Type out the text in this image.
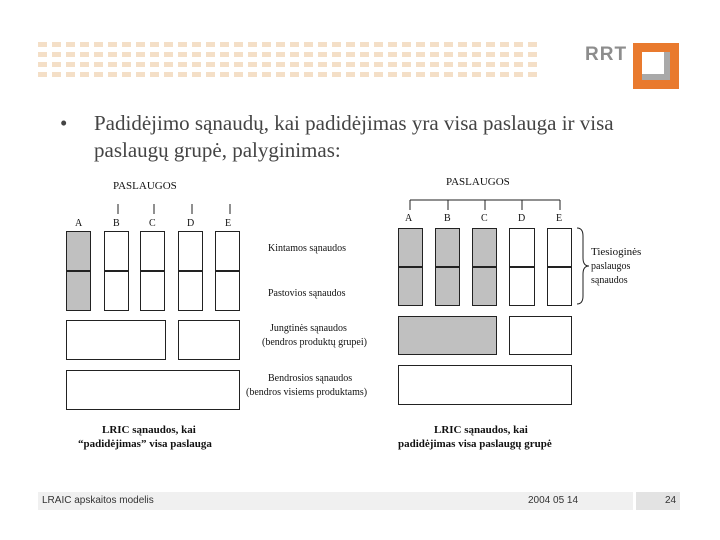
RRT
• Padidėjimo sąnaudų, kai padidėjimas yra visa paslauga ir visa paslaugų grupė, palyginimas:
PASLAUGOS	PASLAUGOS
A	B	C	D	E	A	B	C	D	E
Kintamos sąnaudos
Pastovios sąnaudos
Jungtinės sąnaudos
(bendros produktų grupei)
Bendrosios sąnaudos
(bendros visiems produktams)
Tiesioginės
paslaugos
sąnaudos
LRIC sąnaudos, kai
“padidėjimas” visa paslauga
LRIC sąnaudos, kai
padidėjimas visa paslaugų grupė
LRAIC apskaitos modelis	2004 05 14	24
